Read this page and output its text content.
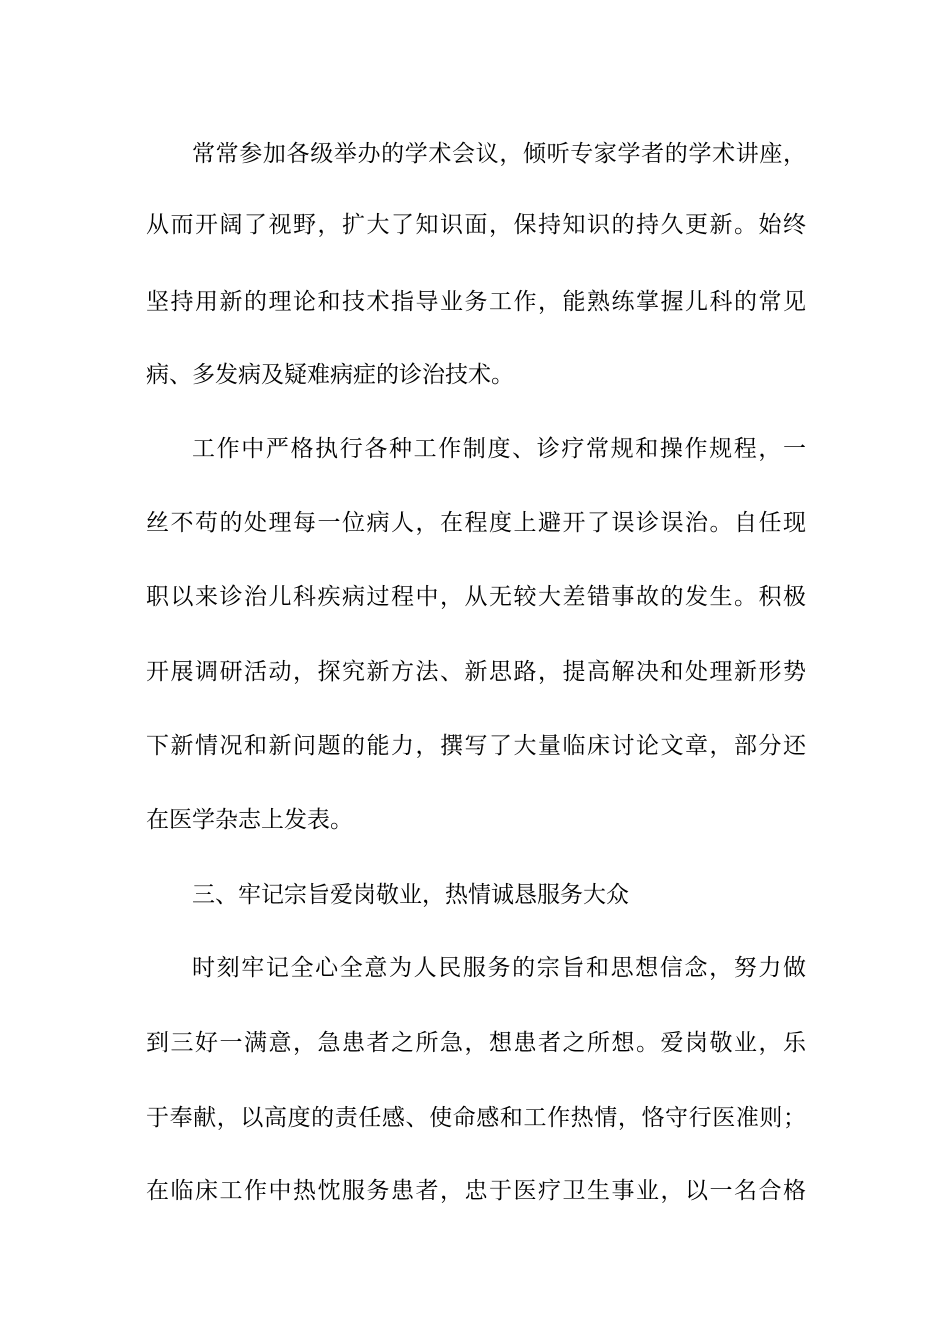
常常参加各级举办的学术会议，倾听专家学者的学术讲座，

从而开阔了视野，扩大了知识面，保持知识的持久更新。始终

坚持用新的理论和技术指导业务工作，能熟练掌握儿科的常见

病、多发病及疑难病症的诊治技术。

工作中严格执行各种工作制度、诊疗常规和操作规程，一

丝不苟的处理每一位病人，在程度上避开了误诊误治。自任现

职以来诊治儿科疾病过程中，从无较大差错事故的发生。积极

开展调研活动，探究新方法、新思路，提高解决和处理新形势

下新情况和新问题的能力，撰写了大量临床讨论文章，部分还

在医学杂志上发表。

三、牢记宗旨爱岗敬业，热情诚恳服务大众

时刻牢记全心全意为人民服务的宗旨和思想信念，努力做

到三好一满意，急患者之所急，想患者之所想。爱岗敬业，乐

于奉献，以高度的责任感、使命感和工作热情，恪守行医准则；

在临床工作中热忱服务患者，忠于医疗卫生事业，以一名合格
